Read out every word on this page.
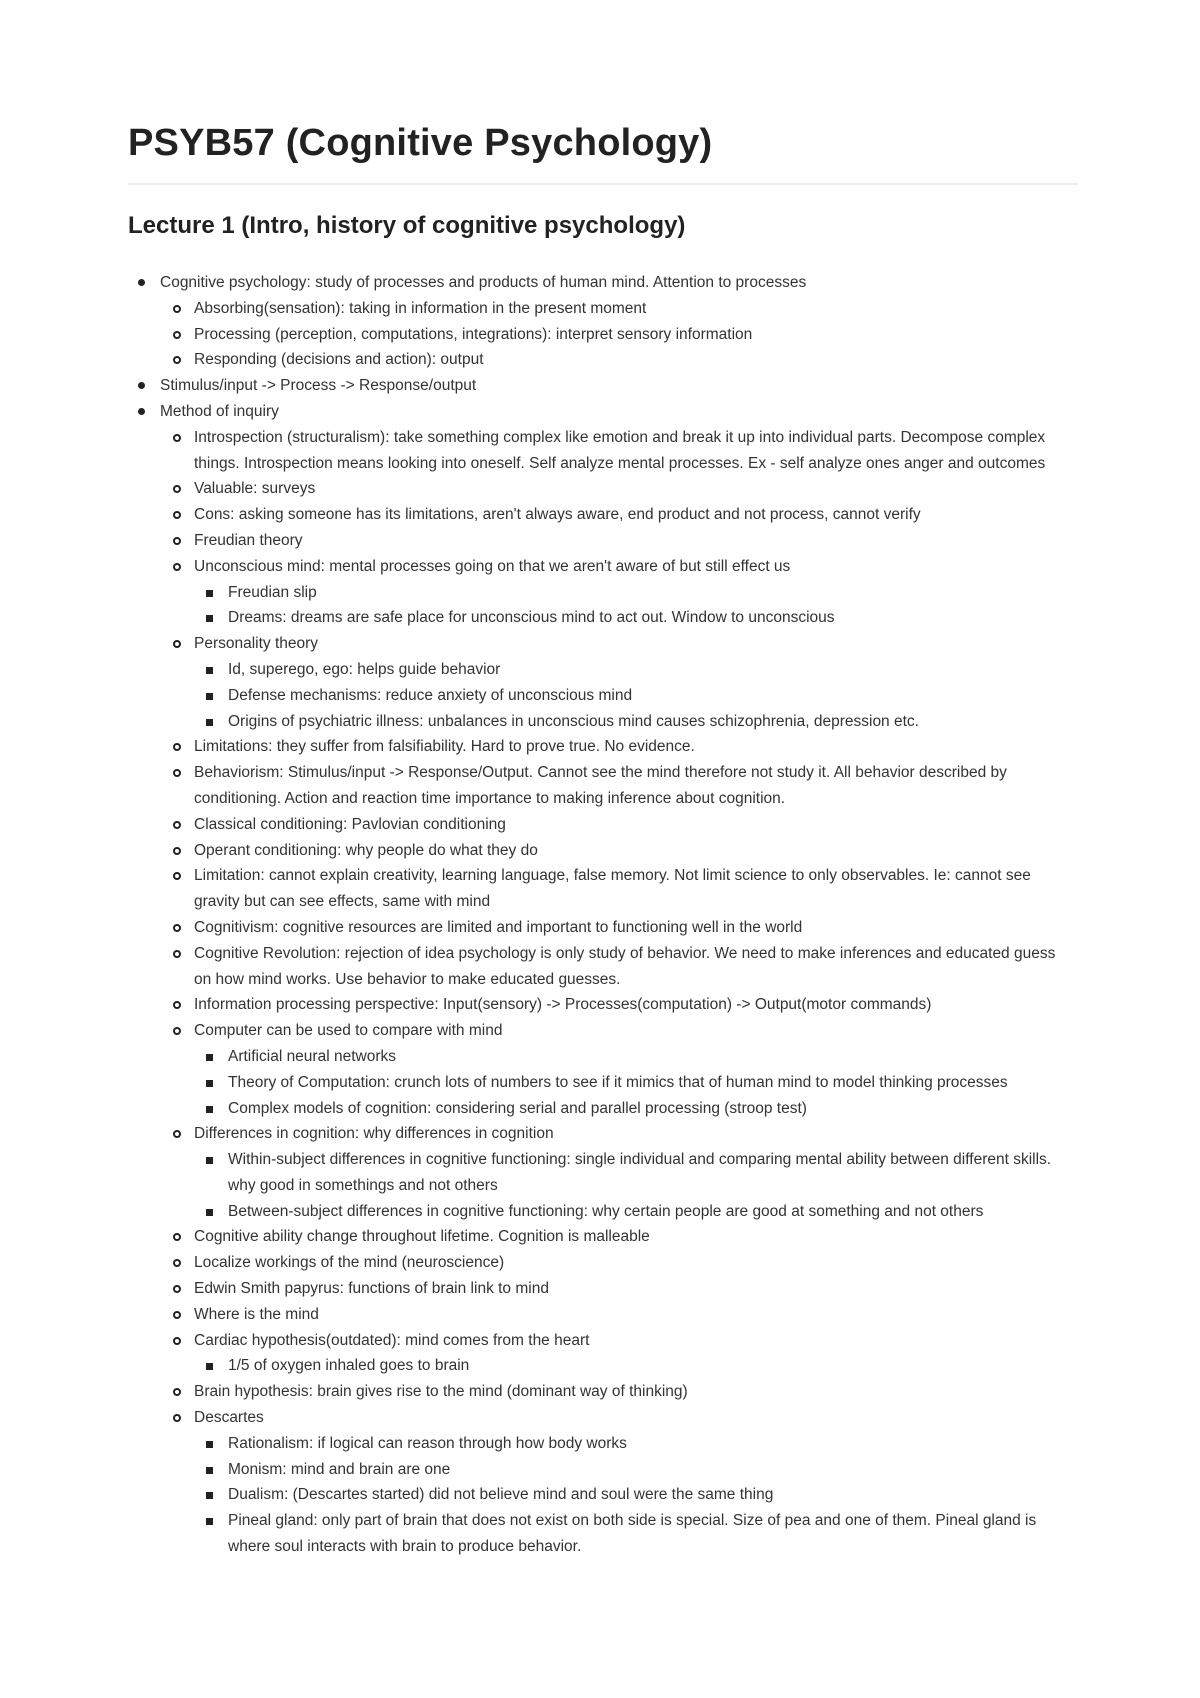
PSYB57 (Cognitive Psychology)
Lecture 1 (Intro, history of cognitive psychology)
Cognitive psychology: study of processes and products of human mind. Attention to processes
Absorbing(sensation): taking in information in the present moment
Processing (perception, computations, integrations): interpret sensory information
Responding (decisions and action): output
Stimulus/input -> Process -> Response/output
Method of inquiry
Introspection (structuralism): take something complex like emotion and break it up into individual parts. Decompose complex things. Introspection means looking into oneself. Self analyze mental processes. Ex - self analyze ones anger and outcomes
Valuable: surveys
Cons: asking someone has its limitations, aren't always aware, end product and not process, cannot verify
Freudian theory
Unconscious mind: mental processes going on that we aren't aware of but still effect us
Freudian slip
Dreams: dreams are safe place for unconscious mind to act out. Window to unconscious
Personality theory
Id, superego, ego: helps guide behavior
Defense mechanisms: reduce anxiety of unconscious mind
Origins of psychiatric illness: unbalances in unconscious mind causes schizophrenia, depression etc.
Limitations: they suffer from falsifiability. Hard to prove true. No evidence.
Behaviorism: Stimulus/input -> Response/Output. Cannot see the mind therefore not study it. All behavior described by conditioning. Action and reaction time importance to making inference about cognition.
Classical conditioning: Pavlovian conditioning
Operant conditioning: why people do what they do
Limitation: cannot explain creativity, learning language, false memory. Not limit science to only observables. Ie: cannot see gravity but can see effects, same with mind
Cognitivism: cognitive resources are limited and important to functioning well in the world
Cognitive Revolution: rejection of idea psychology is only study of behavior. We need to make inferences and educated guess on how mind works. Use behavior to make educated guesses.
Information processing perspective: Input(sensory) -> Processes(computation) -> Output(motor commands)
Computer can be used to compare with mind
Artificial neural networks
Theory of Computation: crunch lots of numbers to see if it mimics that of human mind to model thinking processes
Complex models of cognition: considering serial and parallel processing (stroop test)
Differences in cognition: why differences in cognition
Within-subject differences in cognitive functioning: single individual and comparing mental ability between different skills. why good in somethings and not others
Between-subject differences in cognitive functioning: why certain people are good at something and not others
Cognitive ability change throughout lifetime. Cognition is malleable
Localize workings of the mind (neuroscience)
Edwin Smith papyrus: functions of brain link to mind
Where is the mind
Cardiac hypothesis(outdated): mind comes from the heart
1/5 of oxygen inhaled goes to brain
Brain hypothesis: brain gives rise to the mind (dominant way of thinking)
Descartes
Rationalism: if logical can reason through how body works
Monism: mind and brain are one
Dualism: (Descartes started) did not believe mind and soul were the same thing
Pineal gland: only part of brain that does not exist on both side is special. Size of pea and one of them. Pineal gland is where soul interacts with brain to produce behavior.
